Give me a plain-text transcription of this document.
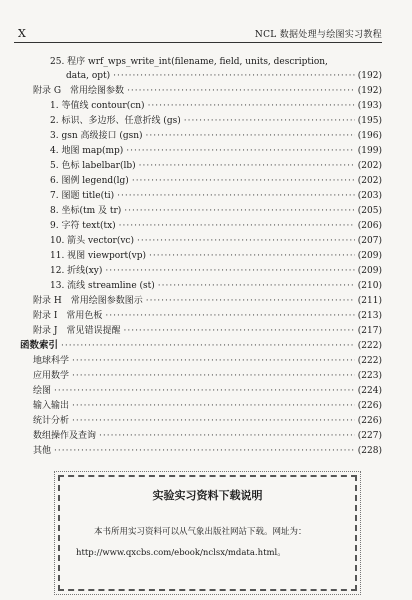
X	NCL 数据处理与绘图实习教程
25. 程序 wrf_wps_write_int(filename, field, units, description,
data, opt) ·····	(192)
附录 G　常用绘图参数 ·····	(192)
1. 等值线 contour(cn) ·····	(193)
2. 标识、多边形、任意折线 (gs) ·····	(195)
3. gsn 高级接口 (gsn) ·····	(196)
4. 地图 map(mp) ·····	(199)
5. 色标 labelbar(lb) ·····	(202)
6. 图例 legend(lg) ·····	(202)
7. 图题 title(ti) ·····	(203)
8. 坐标(tm 及 tr) ·····	(205)
9. 字符 text(tx) ·····	(206)
10. 箭头 vector(vc) ·····	(207)
11. 视图 viewport(vp) ·····	(209)
12. 折线(xy) ·····	(209)
13. 流线 streamline (st) ·····	(210)
附录 H　常用绘图参数图示 ·····	(211)
附录 I　常用色板 ·····	(213)
附录 J　常见错误提醒 ·····	(217)
函数索引 ·····	(222)
地球科学 ·····	(222)
应用数学 ·····	(223)
绘图 ·····	(224)
输入输出 ·····	(226)
统计分析 ·····	(226)
数组操作及查询 ·····	(227)
其他 ·····	(228)
实验实习资料下载说明
本书所用实习资料可以从气象出版社网站下载。网址为：http://www.qxcbs.com/ebook/nclsx/mdata.html。
